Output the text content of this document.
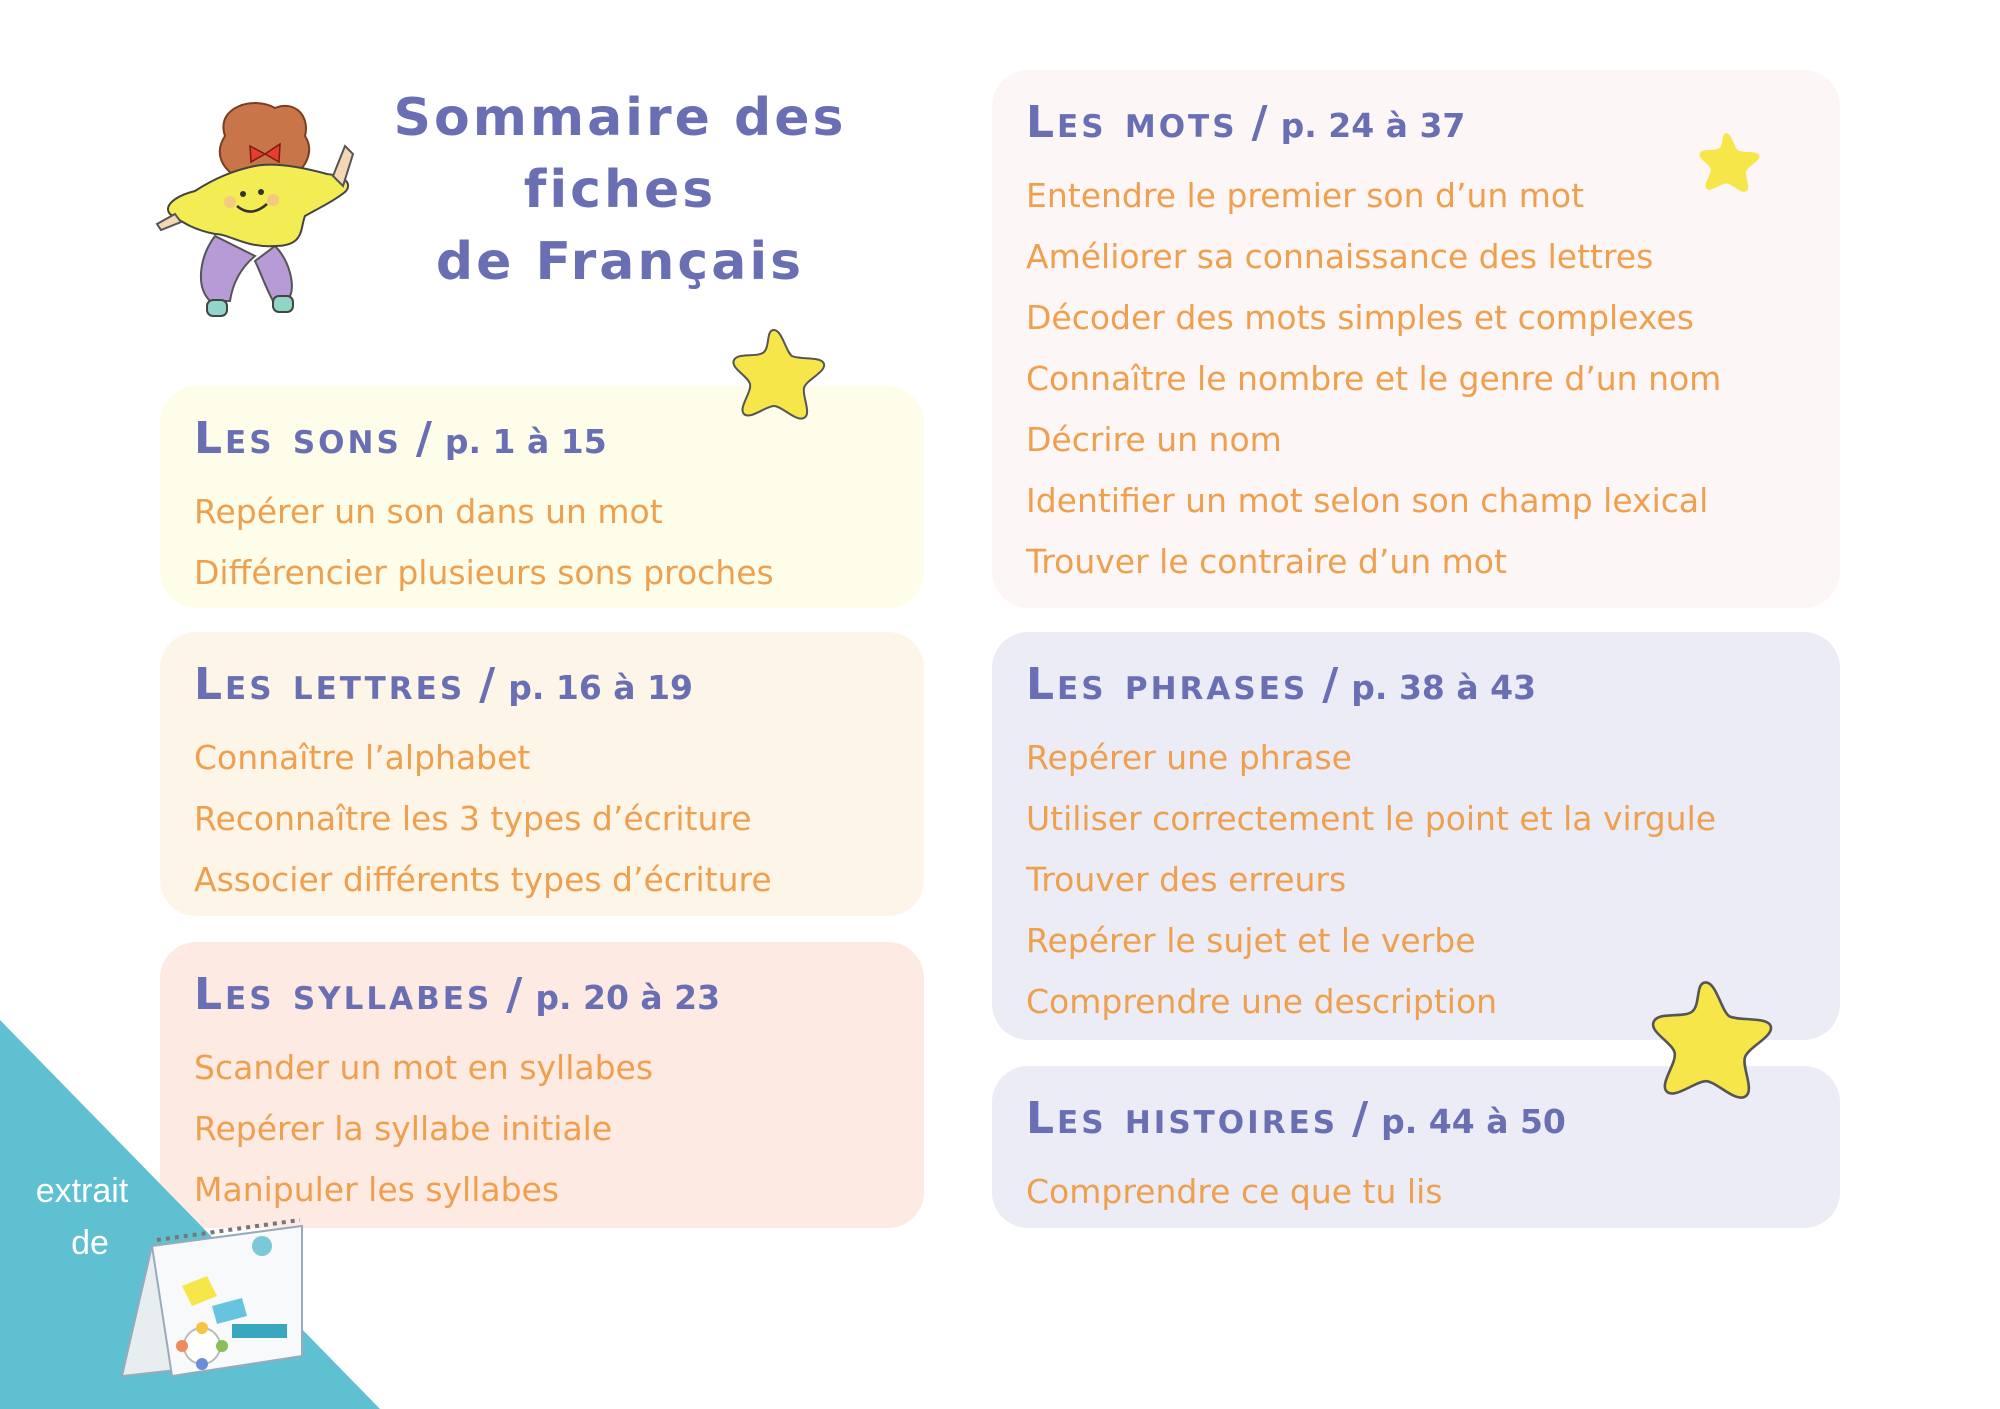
Sommaire des fiches
de Français
Les sons / p. 1 à 15
Repérer un son dans un mot
Différencier plusieurs sons proches
Les lettres / p. 16 à 19
Connaître l’alphabet
Reconnaître les 3 types d’écriture
Associer différents types d’écriture
Les syllabes / p. 20 à 23
Scander un mot en syllabes
Repérer la syllabe initiale
Manipuler les syllabes
Les mots / p. 24 à 37
Entendre le premier son d’un mot
Améliorer sa connaissance des lettres
Décoder des mots simples et complexes
Connaître le nombre et le genre d’un nom
Décrire un nom
Identifier un mot selon son champ lexical
Trouver le contraire d’un mot
Les phrases / p. 38 à 43
Repérer une phrase
Utiliser correctement le point et la virgule
Trouver des erreurs
Repérer le sujet et le verbe
Comprendre une description
Les histoires / p. 44 à 50
Comprendre ce que tu lis
extrait
de
